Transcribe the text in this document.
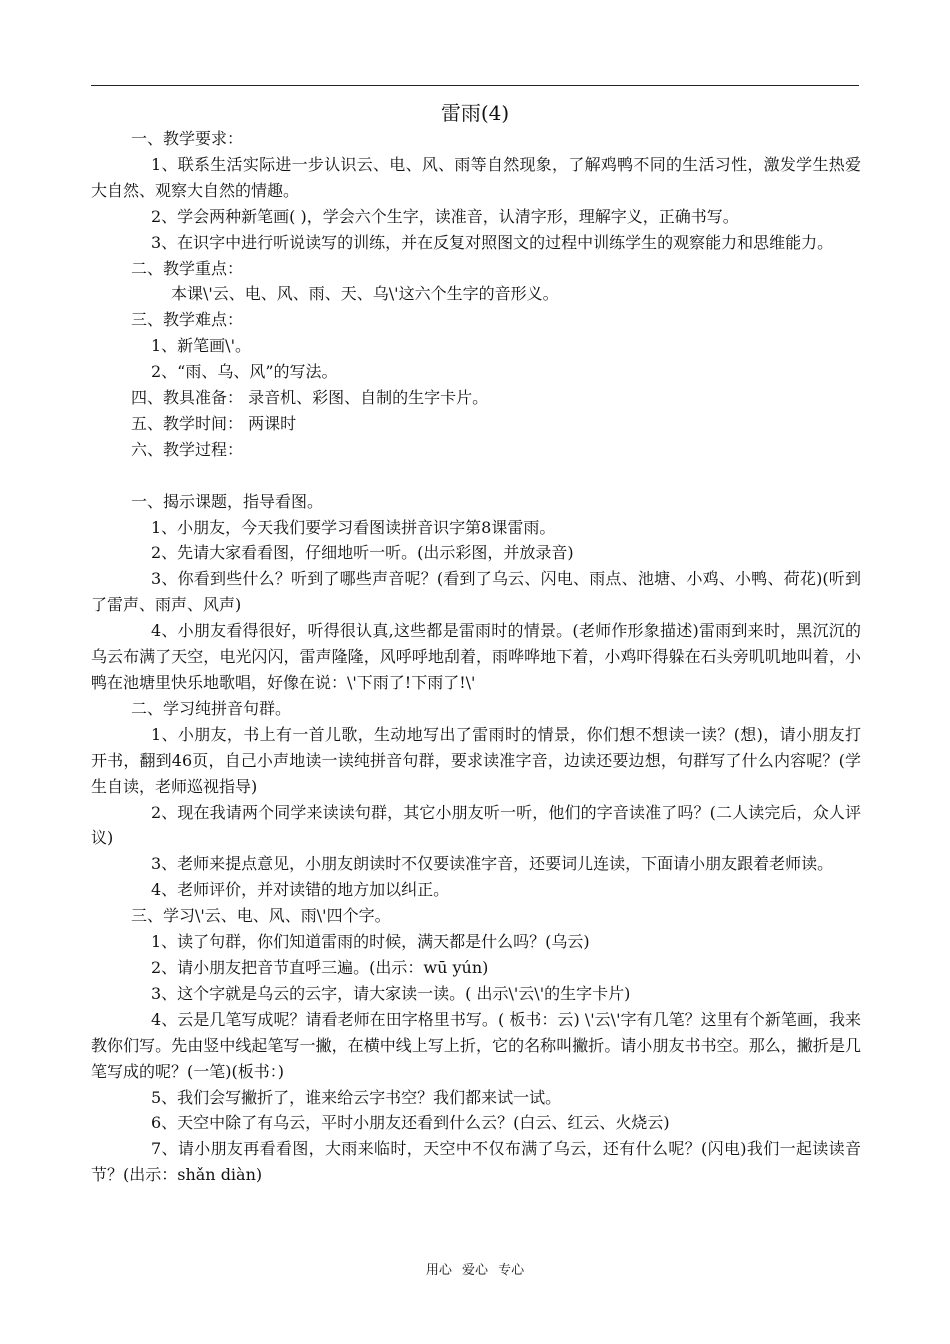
雷雨(4)

一、教学要求：

1、联系生活实际进一步认识云、电、风、雨等自然现象，了解鸡鸭不同的生活习性，激发学生热爱大自然、观察大自然的情趣。

2、学会两种新笔画( )，学会六个生字，读准音，认清字形，理解字义，正确书写。

3、在识字中进行听说读写的训练，并在反复对照图文的过程中训练学生的观察能力和思维能力。

二、教学重点：

本课\'云、电、风、雨、天、乌\'这六个生字的音形义。

三、教学难点：

1、新笔画\'。

2、“雨、乌、风”的写法。

四、教具准备： 录音机、彩图、自制的生字卡片。

五、教学时间： 两课时

六、教学过程：

一、揭示课题，指导看图。

1、小朋友，今天我们要学习看图读拼音识字第8课雷雨。

2、先请大家看看图，仔细地听一听。(出示彩图，并放录音)

3、你看到些什么？听到了哪些声音呢？(看到了乌云、闪电、雨点、池塘、小鸡、小鸭、荷花)(听到了雷声、雨声、风声)

4、小朋友看得很好，听得很认真,这些都是雷雨时的情景。(老师作形象描述)雷雨到来时，黑沉沉的乌云布满了天空，电光闪闪，雷声隆隆，风呼呼地刮着，雨哗哗地下着，小鸡吓得躲在石头旁叽叽地叫着，小鸭在池塘里快乐地歌唱，好像在说：\'下雨了!下雨了!\'

二、学习纯拼音句群。

1、小朋友，书上有一首儿歌，生动地写出了雷雨时的情景，你们想不想读一读？(想)，请小朋友打开书，翻到46页，自己小声地读一读纯拼音句群，要求读准字音，边读还要边想，句群写了什么内容呢？(学生自读，老师巡视指导)

2、现在我请两个同学来读读句群，其它小朋友听一听，他们的字音读准了吗？(二人读完后，众人评议)

3、老师来提点意见，小朋友朗读时不仅要读准字音，还要词儿连读，下面请小朋友跟着老师读。

4、老师评价，并对读错的地方加以纠正。

三、学习\'云、电、风、雨\'四个字。

1、读了句群，你们知道雷雨的时候，满天都是什么吗？(乌云)

2、请小朋友把音节直呼三遍。(出示：wū yún)

3、这个字就是乌云的云字，请大家读一读。( 出示\'云\'的生字卡片)

4、云是几笔写成呢？请看老师在田字格里书写。( 板书：云) \'云\'字有几笔？这里有个新笔画，我来教你们写。先由竖中线起笔写一撇，在横中线上写上折，它的名称叫撇折。请小朋友书书空。那么，撇折是几笔写成的呢？(一笔)(板书：)

5、我们会写撇折了，谁来给云字书空？我们都来试一试。

6、天空中除了有乌云，平时小朋友还看到什么云？(白云、红云、火烧云)

7、请小朋友再看看图，大雨来临时，天空中不仅布满了乌云，还有什么呢？(闪电)我们一起读读音节？(出示：shǎn diàn)

用心 爱心 专心
